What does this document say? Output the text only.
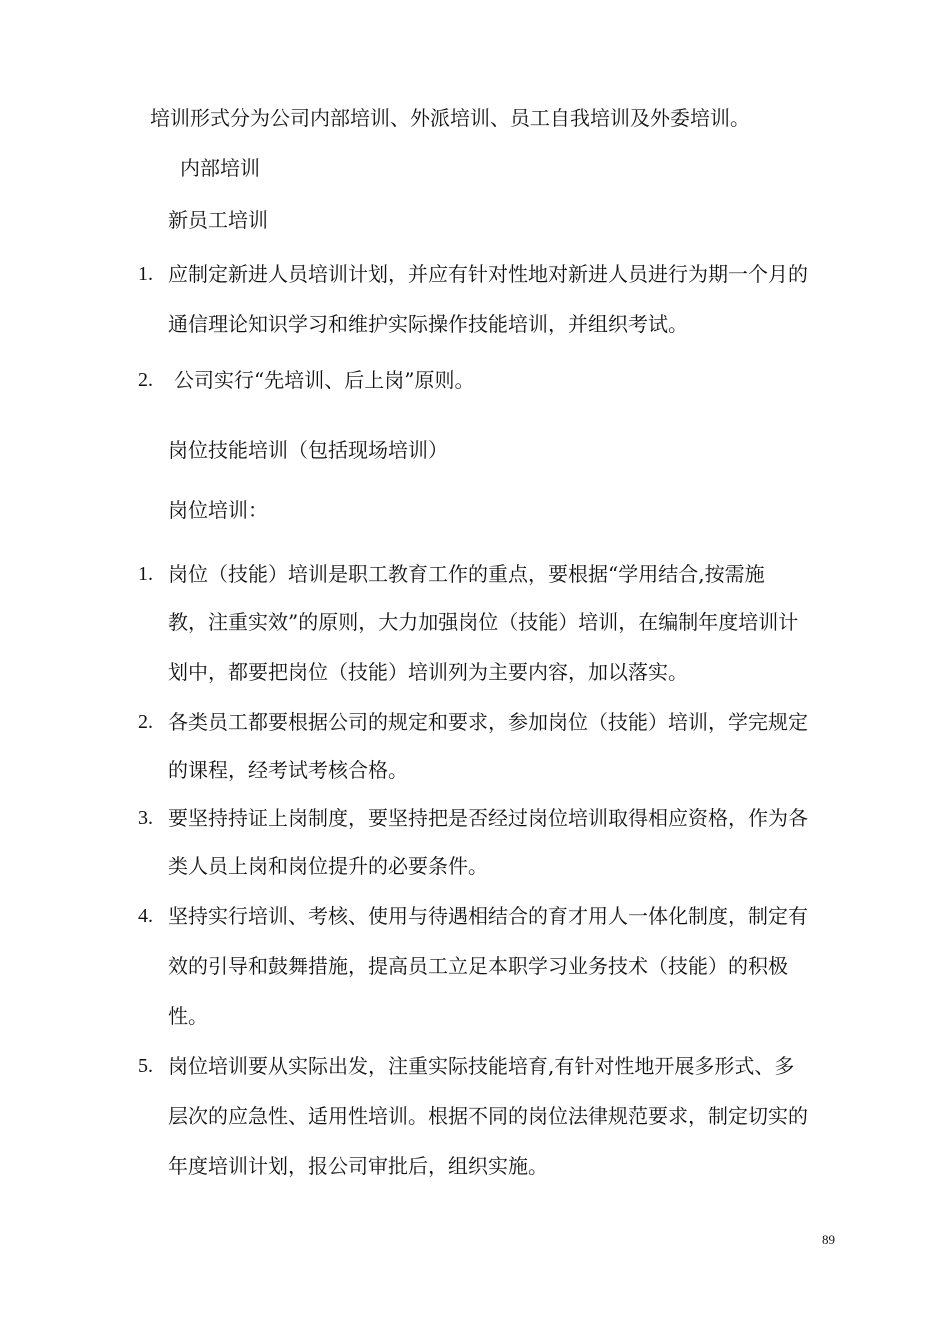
培训形式分为公司内部培训、外派培训、员工自我培训及外委培训。
内部培训
新员工培训
1. 应制定新进人员培训计划，并应有针对性地对新进人员进行为期一个月的
通信理论知识学习和维护实际操作技能培训，并组织考试。
2. 公司实行“先培训、后上岗”原则。
岗位技能培训（包括现场培训）
岗位培训：
1. 岗位（技能）培训是职工教育工作的重点，要根据“学用结合,按需施
教，注重实效”的原则，大力加强岗位（技能）培训，在编制年度培训计
划中，都要把岗位（技能）培训列为主要内容，加以落实。
2. 各类员工都要根据公司的规定和要求，参加岗位（技能）培训，学完规定
的课程，经考试考核合格。
3. 要坚持持证上岗制度，要坚持把是否经过岗位培训取得相应资格，作为各
类人员上岗和岗位提升的必要条件。
4. 坚持实行培训、考核、使用与待遇相结合的育才用人一体化制度，制定有
效的引导和鼓舞措施，提高员工立足本职学习业务技术（技能）的积极
性。
5. 岗位培训要从实际出发，注重实际技能培育,有针对性地开展多形式、多
层次的应急性、适用性培训。根据不同的岗位法律规范要求，制定切实的
年度培训计划，报公司审批后，组织实施。
89
